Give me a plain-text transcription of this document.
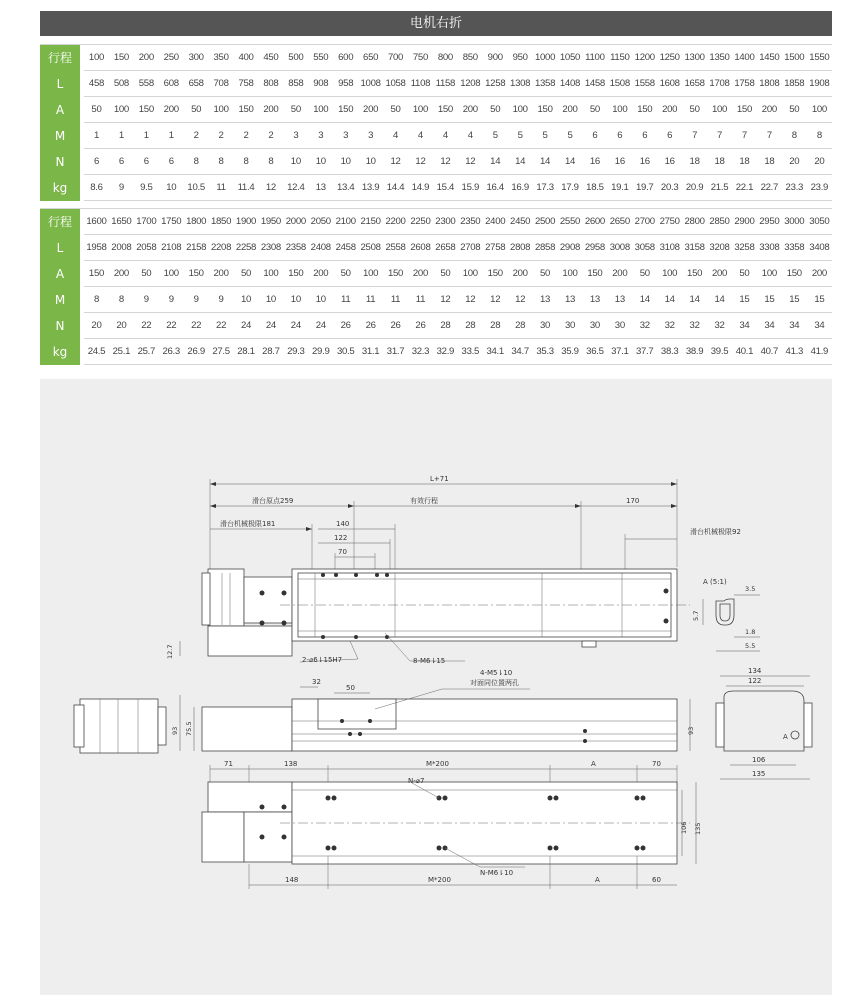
电机右折
行程		100	150	200	250	300	350	400	450	500	550	600	650	700	750	800	850	900	950	1000	1050	1100	1150	1200	1250	1300	1350	1400	1450	1500	1550
L		458	508	558	608	658	708	758	808	858	908	958	1008	1058	1108	1158	1208	1258	1308	1358	1408	1458	1508	1558	1608	1658	1708	1758	1808	1858	1908
A		50	100	150	200	50	100	150	200	50	100	150	200	50	100	150	200	50	100	150	200	50	100	150	200	50	100	150	200	50	100
M		1	1	1	1	2	2	2	2	3	3	3	3	4	4	4	4	5	5	5	5	6	6	6	6	7	7	7	7	8	8
N		6	6	6	6	8	8	8	8	10	10	10	10	12	12	12	12	14	14	14	14	16	16	16	16	18	18	18	18	20	20
kg		8.6	9	9.5	10	10.5	11	11.4	12	12.4	13	13.4	13.9	14.4	14.9	15.4	15.9	16.4	16.9	17.3	17.9	18.5	19.1	19.7	20.3	20.9	21.5	22.1	22.7	23.3	23.9
行程		1600	1650	1700	1750	1800	1850	1900	1950	2000	2050	2100	2150	2200	2250	2300	2350	2400	2450	2500	2550	2600	2650	2700	2750	2800	2850	2900	2950	3000	3050
L		1958	2008	2058	2108	2158	2208	2258	2308	2358	2408	2458	2508	2558	2608	2658	2708	2758	2808	2858	2908	2958	3008	3058	3108	3158	3208	3258	3308	3358	3408
A		150	200	50	100	150	200	50	100	150	200	50	100	150	200	50	100	150	200	50	100	150	200	50	100	150	200	50	100	150	200
M		8	8	9	9	9	9	10	10	10	10	11	11	11	11	12	12	12	12	13	13	13	13	14	14	14	14	15	15	15	15
N		20	20	22	22	22	22	24	24	24	24	26	26	26	26	28	28	28	28	30	30	30	30	32	32	32	32	34	34	34	34
kg		24.5	25.1	25.7	26.3	26.9	27.5	28.1	28.7	29.3	29.9	30.5	31.1	31.7	32.3	32.9	33.5	34.1	34.7	35.3	35.9	36.5	37.1	37.7	38.3	38.9	39.5	40.1	40.7	41.3	41.9
L+71
滑台原点259	有效行程	170
滑台机械极限181
滑台机械极限92
140
122
70
12.7
2-⌀6⇂15H7	8-M6⇂15
A (5:1)
3.5
5.7
1.8
5.5
32
50
4-M5⇂10
对面同位置两孔
93 75.5	93
134
122
A
106
135
71	138	M*200	A	70
N-⌀7
N-M6⇂10
106 135
148	M*200	A	60
